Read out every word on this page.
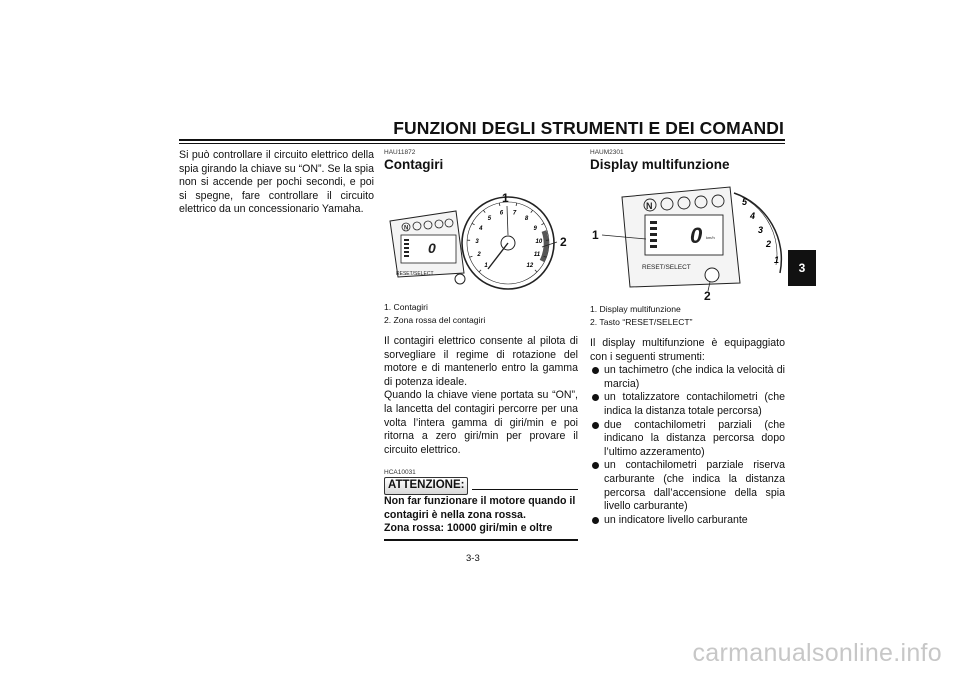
FUNZIONI DEGLI STRUMENTI E DEI COMANDI
3

Si può controllare il circuito elettrico della spia girando la chiave su “ON”. Se la spia non si accende per pochi secondi, e poi si spegne, fare controllare il circuito elettrico da un concessionario Yamaha.

HAU11872

Contagiri

N
0
RESET/SELECT
1
2
3
4
5
6 7
8
9
10
11
12
1
2
1. Contagiri
2. Zona rossa del contagiri

Il contagiri elettrico consente al pilota di sorvegliare il regime di rotazione del motore e di mantenerlo entro la gamma di potenza ideale.

Quando la chiave viene portata su “ON”, la lancetta del contagiri percorre per una volta l’intera gamma di giri/min e poi ritorna a zero giri/min per provare il circuito elettrico.

HCA10031

ATTENZIONE:

Non far funzionare il motore quando il contagiri è nella zona rossa.

Zona rossa: 10000 giri/min e oltre

HAUM2301

Display multifunzione

N
0 km/h
RESET/SELECT
1
2
3
4
5
1
2
1. Display multifunzione
2. Tasto “RESET/SELECT”

Il display multifunzione è equipaggiato con i seguenti strumenti:

un tachimetro (che indica la velocità di marcia)
un totalizzatore contachilometri (che indica la distanza totale percorsa)
due contachilometri parziali (che indicano la distanza percorsa dopo l’ultimo azzeramento)
un contachilometri parziale riserva carburante (che indica la distanza percorsa dall’accensione della spia livello carburante)
un indicatore livello carburante
3-3
carmanualsonline.info
